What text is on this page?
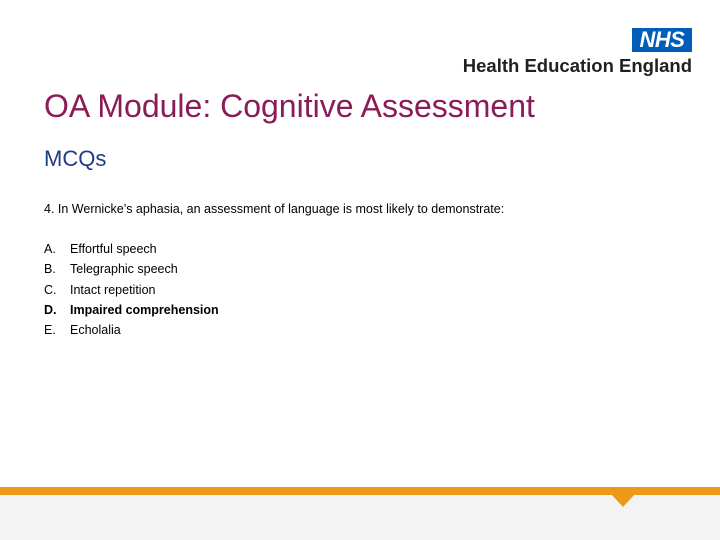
NHS
Health Education England
OA Module: Cognitive Assessment
MCQs
4. In Wernicke’s aphasia, an assessment of language is most likely to demonstrate:
A.	Effortful speech
B.	Telegraphic speech
C.	Intact repetition
D.	Impaired comprehension
E.	Echolalia
